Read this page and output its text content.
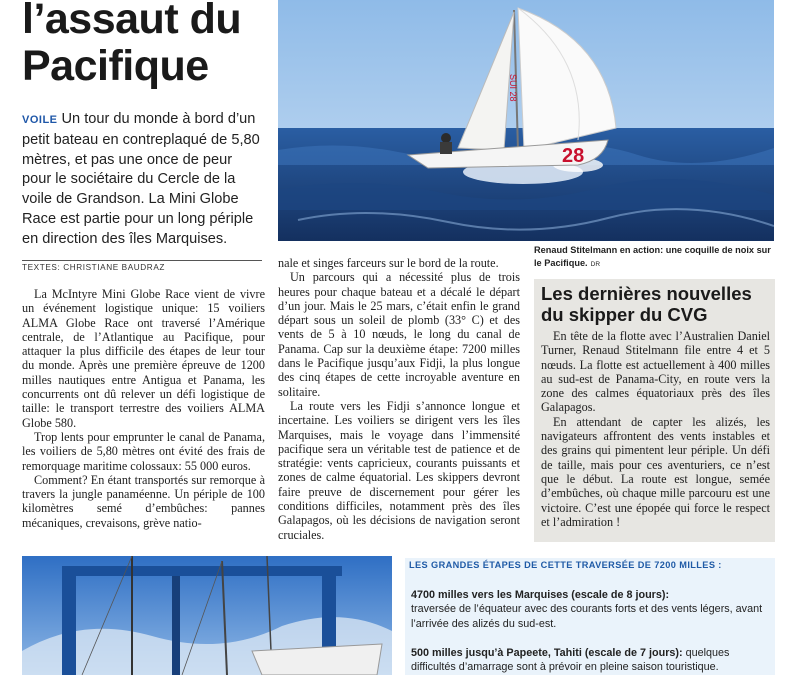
l’assaut du
Pacifique
VOILE Un tour du monde à bord d’un petit bateau en contreplaqué de 5,80 mètres, et pas une once de peur pour le sociétaire du Cercle de la voile de Grandson. La Mini Globe Race est partie pour un long périple en direction des îles Marquises.
TEXTES: CHRISTIANE BAUDRAZ

La McIntyre Mini Globe Race vient de vivre un événement logistique unique: 15 voiliers ALMA Globe Race ont traversé l’Amérique centrale, de l’Atlantique au Pacifique, pour attaquer la plus difficile des étapes de leur tour du monde. Après une première épreuve de 1200 milles nautiques entre Antigua et Panama, les concurrents ont dû relever un défi logistique de taille: le transport terrestre des voiliers ALMA Globe 580.

Trop lents pour emprunter le canal de Panama, les voiliers de 5,80 mètres ont évité des frais de remorquage maritime colossaux: 55 000 euros.

Comment? En étant transportés sur remorque à travers la jungle panaméenne. Un périple de 100 kilomètres semé d’embûches: pannes mécaniques, crevaisons, grève natio-

nale et singes farceurs sur le bord de la route.

Un parcours qui a nécessité plus de trois heures pour chaque bateau et a décalé le départ d’un jour. Mais le 25 mars, c’était enfin le grand départ sous un soleil de plomb (33° C) et des vents de 5 à 10 nœuds, le long du canal de Panama. Cap sur la deuxième étape: 7200 milles dans le Pacifique jusqu’aux Fidji, la plus longue des cinq étapes de cette incroyable aventure en solitaire.

La route vers les Fidji s’annonce longue et incertaine. Les voiliers se dirigent vers les îles Marquises, mais le voyage dans l’immensité pacifique sera un véritable test de patience et de stratégie: vents capricieux, courants puissants et zones de calme équatorial. Les skippers devront faire preuve de discernement pour gérer les conditions difficiles, notamment près des îles Galapagos, où les décisions de navigation seront cruciales.

28
SUI 28
Renaud Stitelmann en action: une coquille de noix sur le Pacifique. DR
Les dernières nouvelles du skipper du CVG

En tête de la flotte avec l’Australien Daniel Turner, Renaud Stitelmann file entre 4 et 5 nœuds. La flotte est actuellement à 400 milles au sud-est de Panama-City, en route vers la zone des calmes équatoriaux près des îles Galapagos.

En attendant de capter les alizés, les navigateurs affrontent des vents instables et des grains qui pimentent leur périple. Un défi de taille, mais pour ces aventuriers, ce n’est que le début. La route est longue, semée d’embûches, où chaque mille parcouru est une victoire. C’est une épopée qui force le respect et l’admiration !

LES GRANDES ÉTAPES DE CETTE TRAVERSÉE DE 7200 MILLES :
4700 milles vers les Marquises (escale de 8 jours):
traversée de l’équateur avec des courants forts et des vents légers, avant l’arrivée des alizés du sud-est.
500 milles jusqu’à Papeete, Tahiti (escale de 7 jours): quelques difficultés d’amarrage sont à prévoir en pleine saison touristique.
